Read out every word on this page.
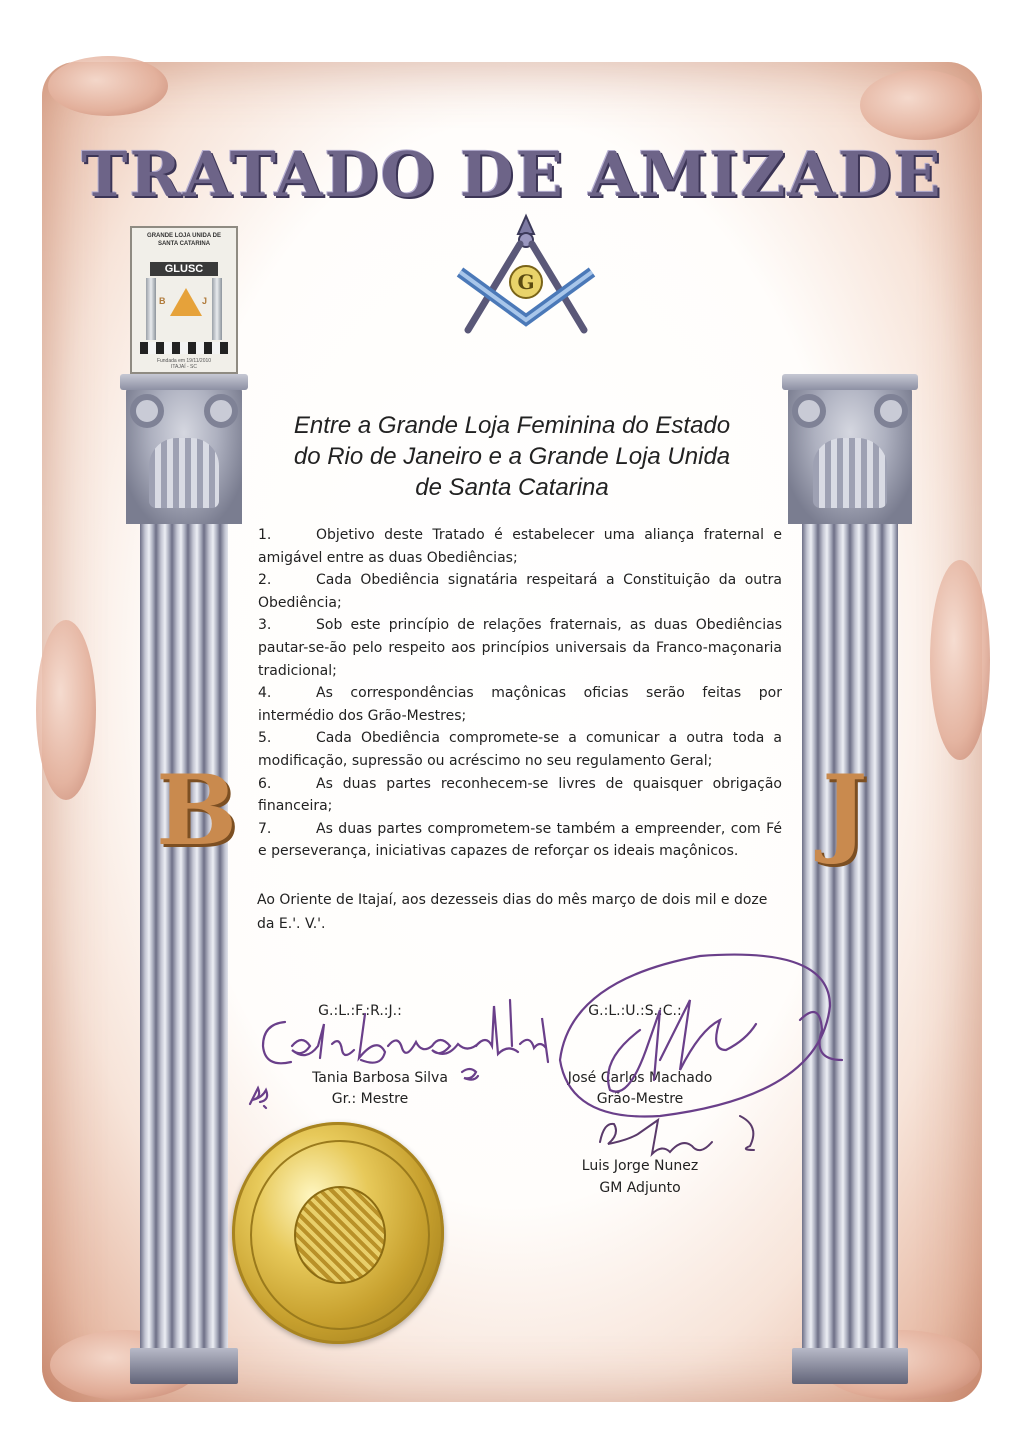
TRATADO DE AMIZADE
GRANDE LOJA UNIDA DE SANTA CATARINA
GLUSC
B	J
Fundada em 19/11/2010
ITAJAÍ - SC
G
B	J
Entre a Grande Loja Feminina do Estado
do Rio de Janeiro e a Grande Loja Unida
de Santa Catarina
1.	Objetivo deste Tratado é estabelecer uma aliança fraternal e amigável entre as duas Obediências;
2.	Cada Obediência signatária respeitará a Constituição da outra Obediência;
3.	Sob este princípio de relações fraternais, as duas Obediências pautar-se-ão pelo respeito aos princípios universais da Franco-maçonaria tradicional;
4.	As correspondências maçônicas oficias serão feitas por intermédio dos Grão-Mestres;
5.	Cada Obediência compromete-se a comunicar a outra toda a modificação, supressão ou acréscimo no seu regulamento Geral;
6.	As duas partes reconhecem-se livres de quaisquer obrigação financeira;
7.	As duas partes comprometem-se também a empreender, com Fé e perseverança, iniciativas capazes de reforçar os ideais maçônicos.
Ao Oriente de Itajaí, aos dezesseis dias do mês março de dois mil e doze da E.'. V.'.
G.:L.:F.:R.:J.:
Tania Barbosa Silva
Gr.: Mestre
G.:L.:U.:S.:C.:
José Carlos Machado
Grão-Mestre
Luis Jorge Nunez
GM Adjunto
